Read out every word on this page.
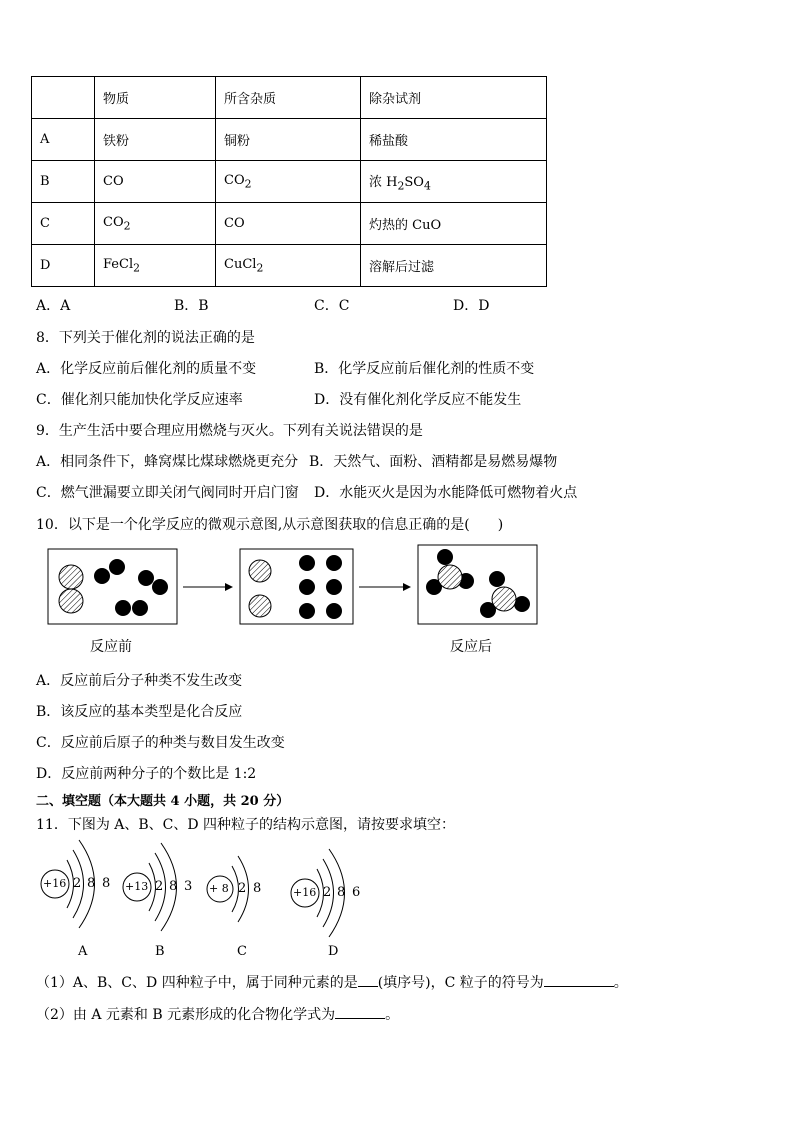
	物质	所含杂质	除杂试剂
A	铁粉	铜粉	稀盐酸
B	CO	$CO_2$	浓 $H_2SO_4$
C	$CO_2$	CO	灼热的 CuO
D	FeCl$_2$	CuCl$_2$	溶解后过滤
A．A	B．B	C．C	D．D
8．下列关于催化剂的说法正确的是
A．化学反应前后催化剂的质量不变	B．化学反应前后催化剂的性质不变
C．催化剂只能加快化学反应速率	D．没有催化剂化学反应不能发生
9．生产生活中要合理应用燃烧与灭火。下列有关说法错误的是
A．相同条件下，蜂窝煤比煤球燃烧更充分 B．天然气、面粉、酒精都是易燃易爆物
C．燃气泄漏要立即关闭气阀同时开启门窗 D．水能灭火是因为水能降低可燃物着火点
10．以下是一个化学反应的微观示意图,从示意图获取的信息正确的是(　　)
反应前	反应后
A．反应前后分子种类不发生改变
B．该反应的基本类型是化合反应
C．反应前后原子的种类与数目发生改变
D．反应前两种分子的个数比是 1:2
二、填空题（本大题共 4 小题，共 20 分）
11．下图为 A、B、C、D 四种粒子的结构示意图，请按要求填空：
+16 2 8 8 +13 2 8 3 + 8 2 8	+16 2 8 6
A	B	C	D
（1）A、B、C、D 四种粒子中，属于同种元素的是 (填序号)，C 粒子的符号为	。
（2）由 A 元素和 B 元素形成的化合物化学式为	。
